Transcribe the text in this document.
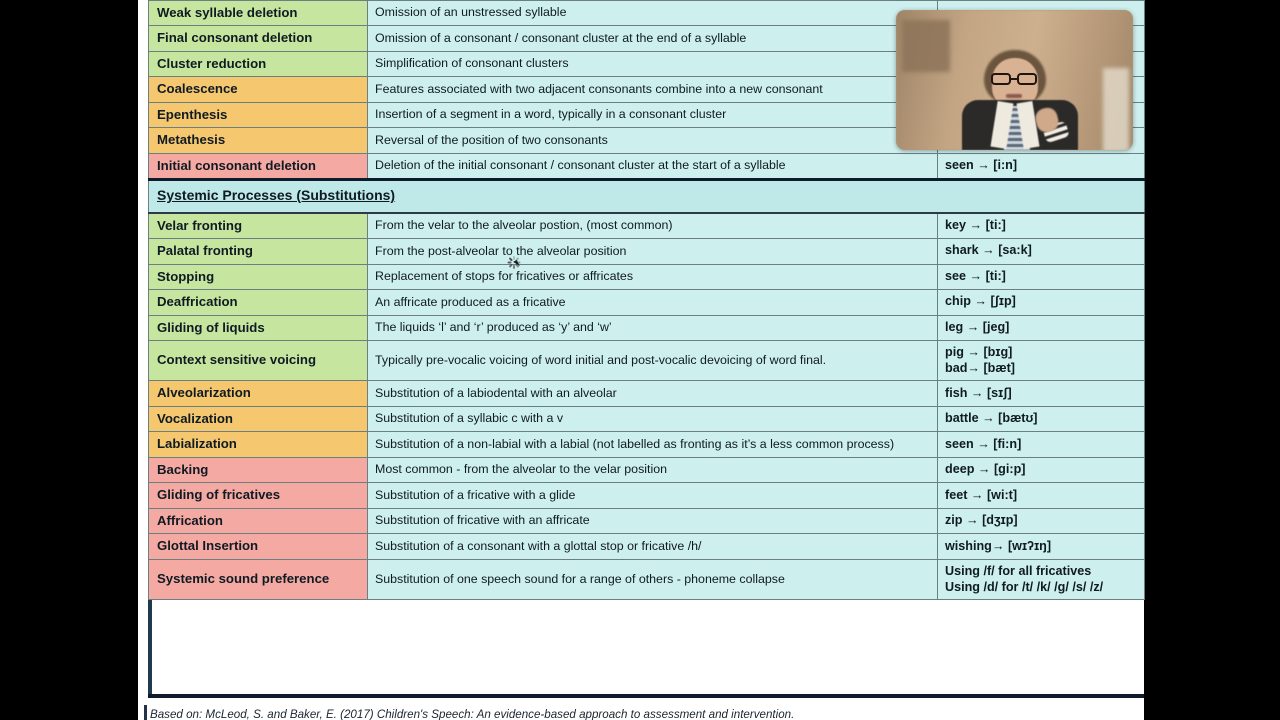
Weak syllable deletion	Omission of an unstressed syllable	
Final consonant deletion	Omission of a consonant / consonant cluster at the end of a syllable	
Cluster reduction	Simplification of consonant clusters	
Coalescence	Features associated with two adjacent consonants combine into a new consonant	
Epenthesis	Insertion of a segment in a word, typically in a consonant cluster	
Metathesis	Reversal of the position of two consonants	
Initial consonant deletion	Deletion of the initial consonant / consonant cluster at the start of a syllable	seen → [i:n]
Systemic Processes (Substitutions)		
Velar fronting	From the velar to the alveolar postion, (most common)	key → [ti:]
Palatal fronting	From the post-alveolar to the alveolar position	shark → [sa:k]
Stopping	Replacement of stops for fricatives or affricates	see → [ti:]
Deaffrication	An affricate produced as a fricative	chip → [ʃɪp]
Gliding of liquids	The liquids ‘l’ and ‘r’ produced as ‘y’ and ‘w’	leg → [jeg]
Context sensitive voicing	Typically pre-vocalic voicing of word initial and post-vocalic devoicing of word final.	pig → [bɪg]
bad→ [bæt]
Alveolarization	Substitution of a labiodental with an alveolar	fish → [sɪʃ]
Vocalization	Substitution of a syllabic c with a v	battle → [bætʊ]
Labialization	Substitution of a non-labial with a labial (not labelled as fronting as it’s a less common process)	seen → [fi:n]
Backing	Most common - from the alveolar to the velar position	deep → [gi:p]
Gliding of fricatives	Substitution of a fricative with a glide	feet → [wi:t]
Affrication	Substitution of fricative with an affricate	zip → [dʒɪp]
Glottal Insertion	Substitution of a consonant with a glottal stop or fricative /h/	wishing→ [wɪʔɪŋ]
Systemic sound preference	Substitution of one speech sound for a range of others - phoneme collapse	Using /f/ for all fricatives
Using /d/ for /t/ /k/ /g/ /s/ /z/
Based on: McLeod, S. and Baker, E. (2017) Children's Speech: An evidence-based approach to assessment and intervention.
